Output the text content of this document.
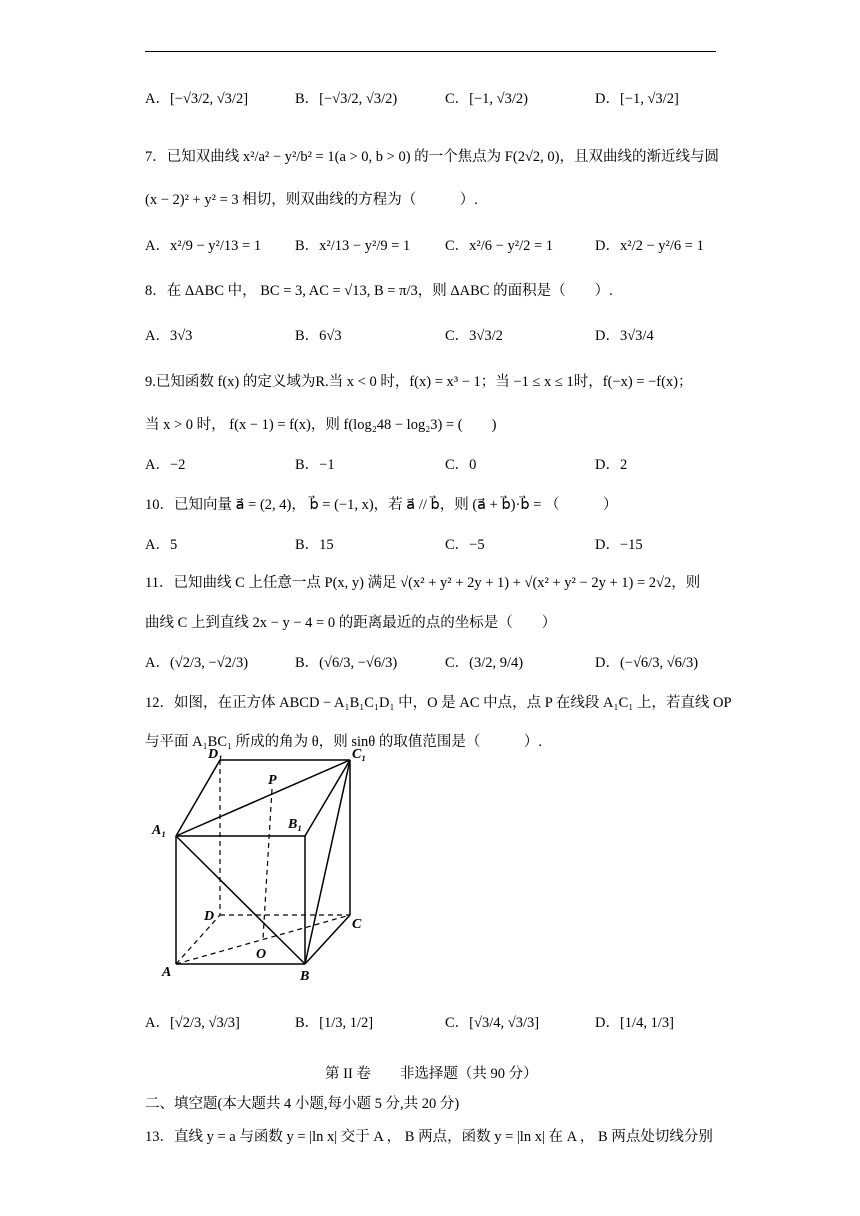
A．[−√3/2, √3/2]	B．[−√3/2, √3/2)	C．[−1, √3/2)	D．[−1, √3/2]
7．已知双曲线 x²/a² − y²/b² = 1(a > 0, b > 0) 的一个焦点为 F(2√2, 0)，且双曲线的渐近线与圆
(x − 2)² + y² = 3 相切，则双曲线的方程为（　　　）.
A．x²/9 − y²/13 = 1 B．x²/13 − y²/9 = 1 C．x²/6 − y²/2 = 1	D．x²/2 − y²/6 = 1
8．在 ΔABC 中， BC = 3, AC = √13, B = π/3，则 ΔABC 的面积是（　　）.
A．3√3	B．6√3	C．3√3/2	D．3√3/4
9.已知函数 f(x) 的定义域为R.当 x < 0 时，f(x) = x³ − 1；当 −1 ≤ x ≤ 1时，f(−x) = −f(x)；
当 x > 0 时， f(x − 1) = f(x)，则 f(log₂48 − log₂3) = (　　)
A．−2	B．−1	C．0	D．2
10．已知向量 a⃗ = (2, 4)， b⃗ = (−1, x)，若 a⃗ // b⃗，则 (a⃗ + b⃗)·b⃗ = （　　　）
A．5	B．15	C．−5	D．−15
11．已知曲线 C 上任意一点 P(x, y) 满足 √(x² + y² + 2y + 1) + √(x² + y² − 2y + 1) = 2√2，则
曲线 C 上到直线 2x − y − 4 = 0 的距离最近的点的坐标是（　　）
A．(√2/3, −√2/3)	B．(√6/3, −√6/3)	C．(3/2, 9/4)	D．(−√6/3, √6/3)
12．如图，在正方体 ABCD − A₁B₁C₁D₁ 中，O 是 AC 中点，点 P 在线段 A₁C₁ 上，若直线 OP
与平面 A₁BC₁ 所成的角为 θ，则 sinθ 的取值范围是（　　　）.
D₁	C₁
A₁	B₁
P
D
C
A	B
O
A．[√2/3, √3/3]	B．[1/3, 1/2]	C．[√3/4, √3/3]	D．[1/4, 1/3]
第 II 卷　　非选择题（共 90 分）
二、填空题(本大题共 4 小题,每小题 5 分,共 20 分)
13．直线 y = a 与函数 y = |ln x| 交于 A ， B 两点，函数 y = |ln x| 在 A ， B 两点处切线分别
